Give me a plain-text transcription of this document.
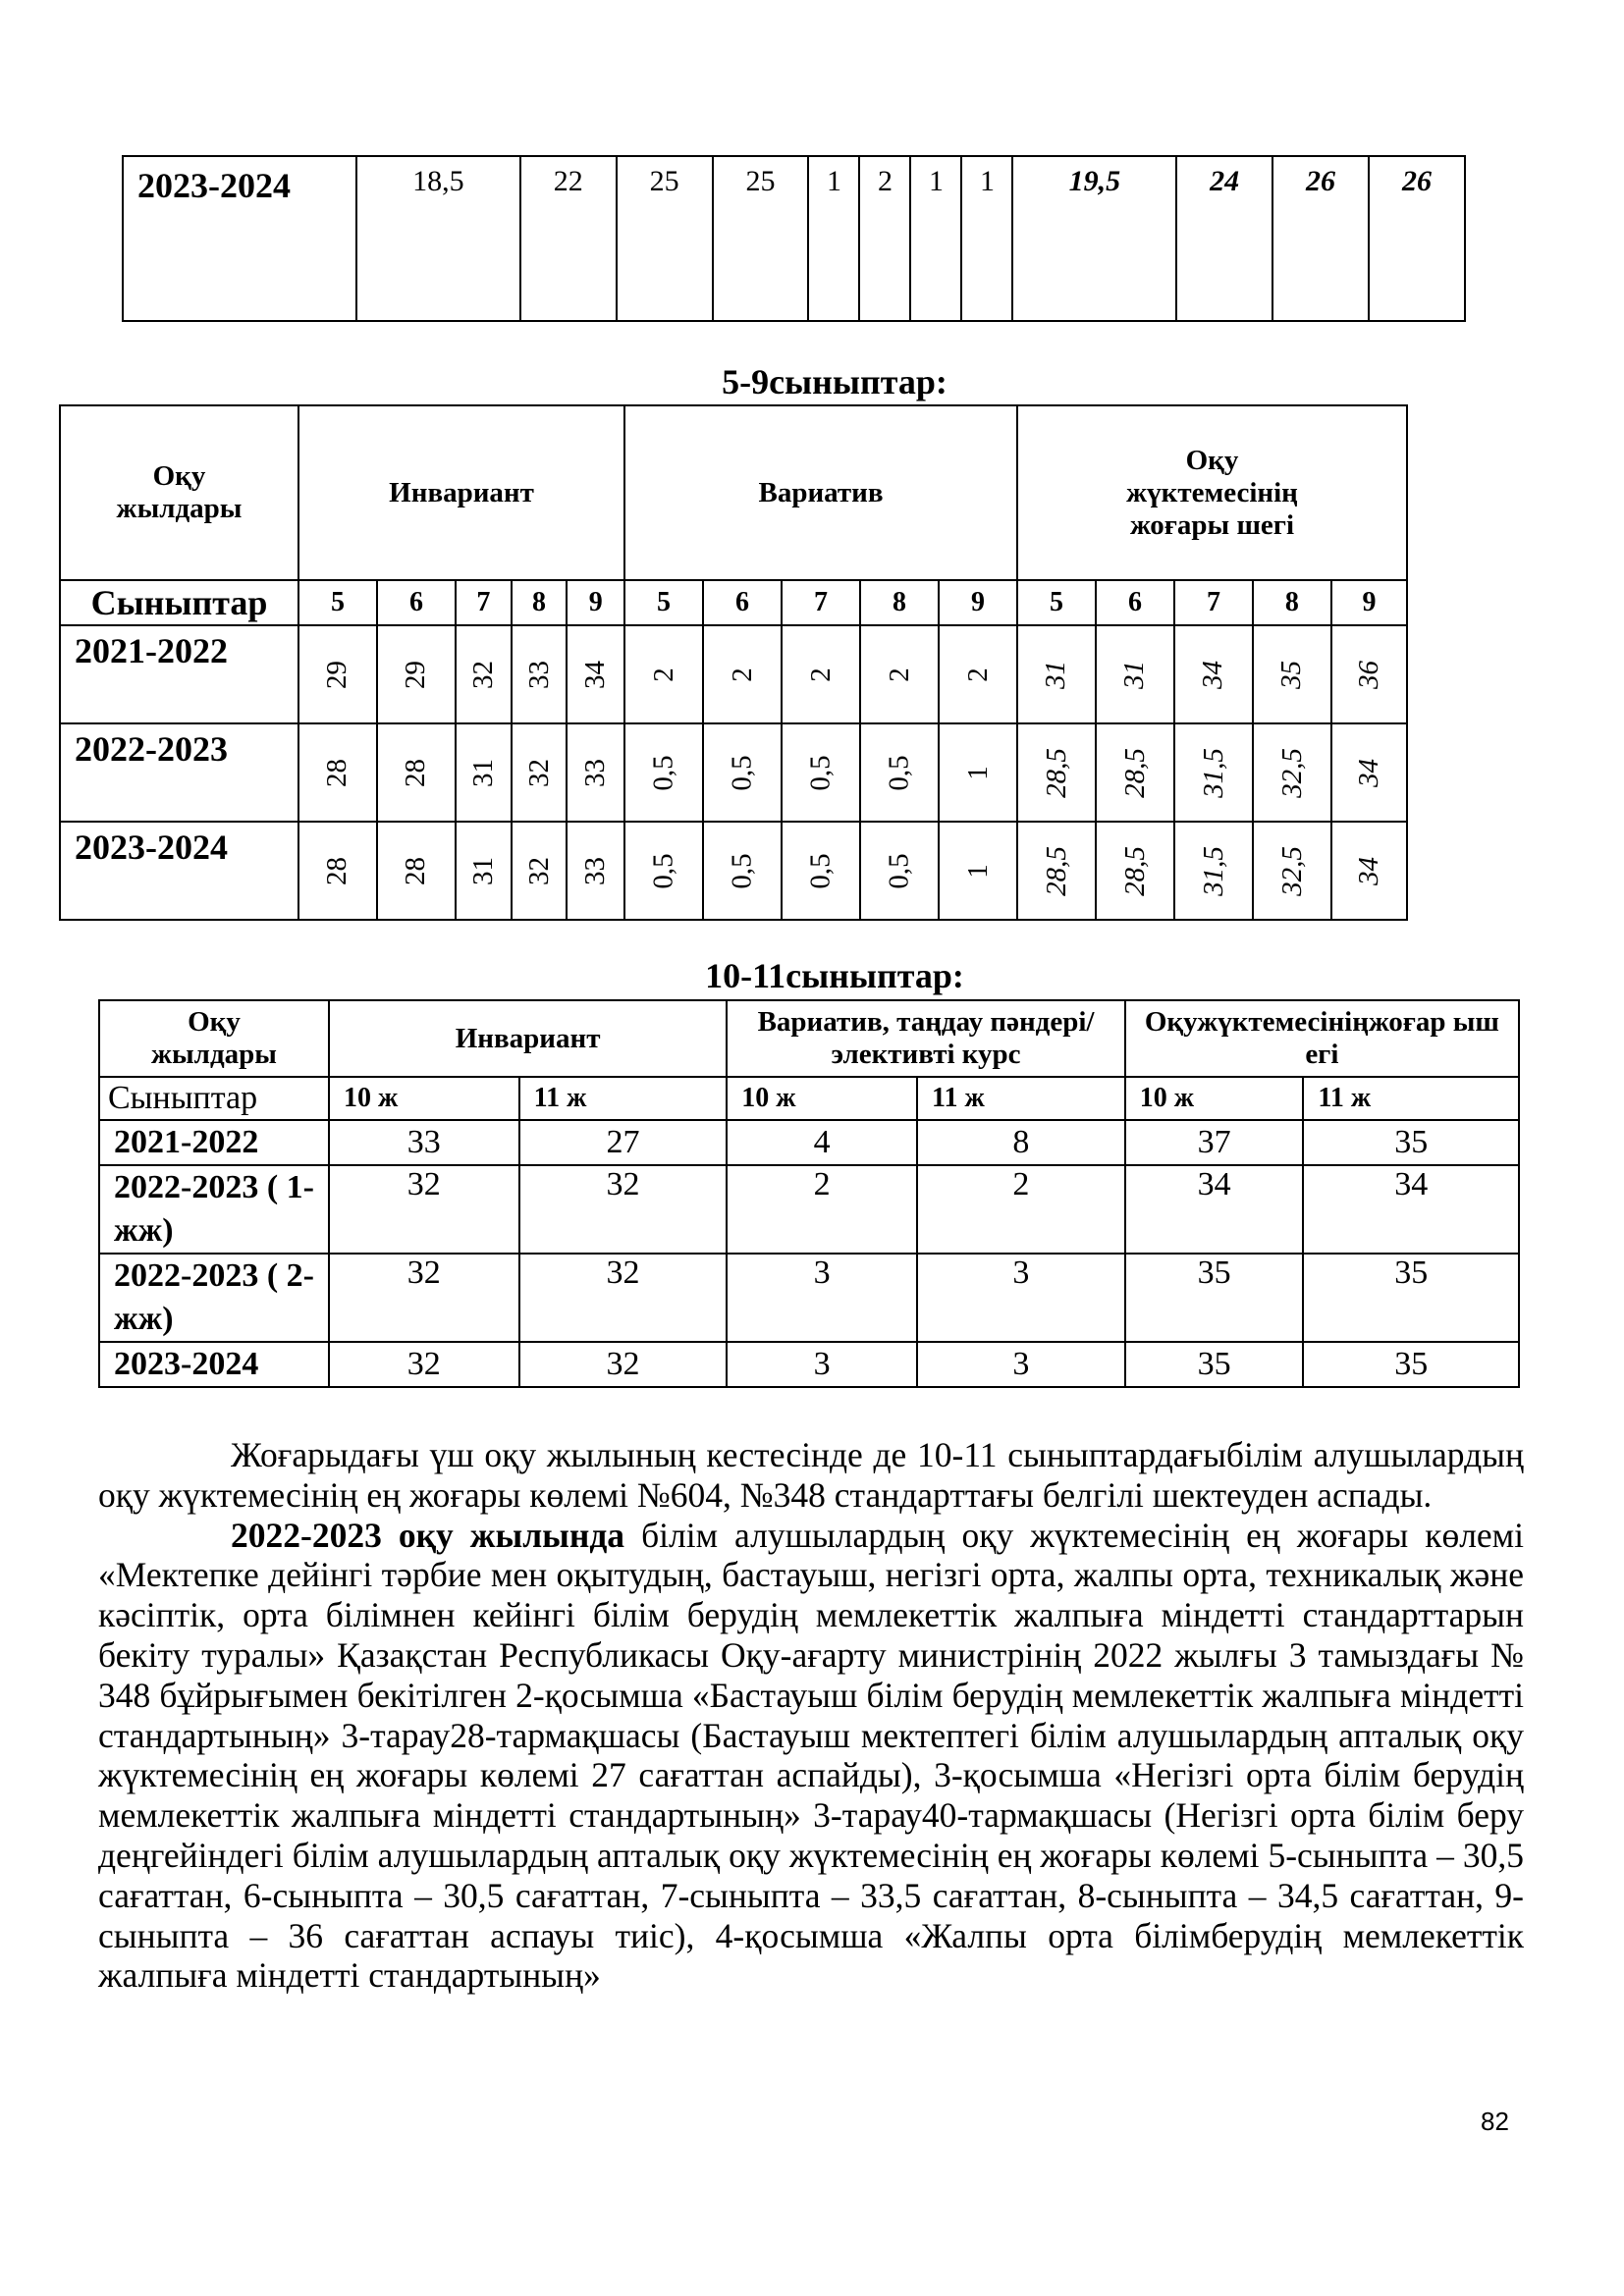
2023-2024	18,5	22	25	25	1	2	1	1	19,5	24	26	26
5-9сыныптар:
Оқу жылдары	Инвариант					Вариатив					Оқу жүктемесінің жоғары шегі				
Сыныптар	5	6	7	8	9	5	6	7	8	9	5	6	7	8	9
2021-2022	29	29	32	33	34	2	2	2	2	2	31	31	34	35	36
2022-2023	28	28	31	32	33	0,5	0,5	0,5	0,5	1	28,5	28,5	31,5	32,5	34
2023-2024	28	28	31	32	33	0,5	0,5	0,5	0,5	1	28,5	28,5	31,5	32,5	34
10-11сыныптар:
Оқу жылдары	Инвариант		Вариатив, таңдау пәндері/элективті курс		Оқужүктемесініңжоғар ышегі	
Сыныптар	10 ж	11 ж	10 ж	11 ж	10 ж	11 ж
2021-2022	33	27	4	8	37	35
2022-2023 ( 1-жж)	32	32	2	2	34	34
2022-2023 ( 2-жж)	32	32	3	3	35	35
2023-2024	32	32	3	3	35	35

Жоғарыдағы үш оқу жылының кестесінде де 10-11 сыныптардағыбілім алушылардың оқу жүктемесінің ең жоғары көлемі №604, №348 стандарттағы белгілі шектеуден аспады.

2022-2023 оқу жылында білім алушылардың оқу жүктемесінің ең жоғары көлемі «Мектепке дейінгі тәрбие мен оқытудың, бастауыш, негізгі орта, жалпы орта, техникалық және кәсіптік, орта білімнен кейінгі білім берудің мемлекеттік жалпыға міндетті стандарттарын бекіту туралы» Қазақстан Республикасы Оқу-ағарту министрінің 2022 жылғы 3 тамыздағы № 348 бұйрығымен бекітілген 2-қосымша «Бастауыш білім берудің мемлекеттік жалпыға міндетті стандартының» 3-тарау28-тармақшасы (Бастауыш мектептегі білім алушылардың апталық оқу жүктемесінің ең жоғары көлемі 27 сағаттан аспайды), 3-қосымша «Негізгі орта білім берудің мемлекеттік жалпыға міндетті стандартының» 3-тарау40-тармақшасы (Негізгі орта білім беру деңгейіндегі білім алушылардың апталық оқу жүктемесінің ең жоғары көлемі 5-сыныпта – 30,5 сағаттан, 6-сыныпта – 30,5 сағаттан, 7-сыныпта – 33,5 сағаттан, 8-сыныпта – 34,5 сағаттан, 9-сыныпта – 36 сағаттан аспауы тиіс), 4-қосымша «Жалпы орта білімберудің мемлекеттік жалпыға міндетті стандартының»

82
